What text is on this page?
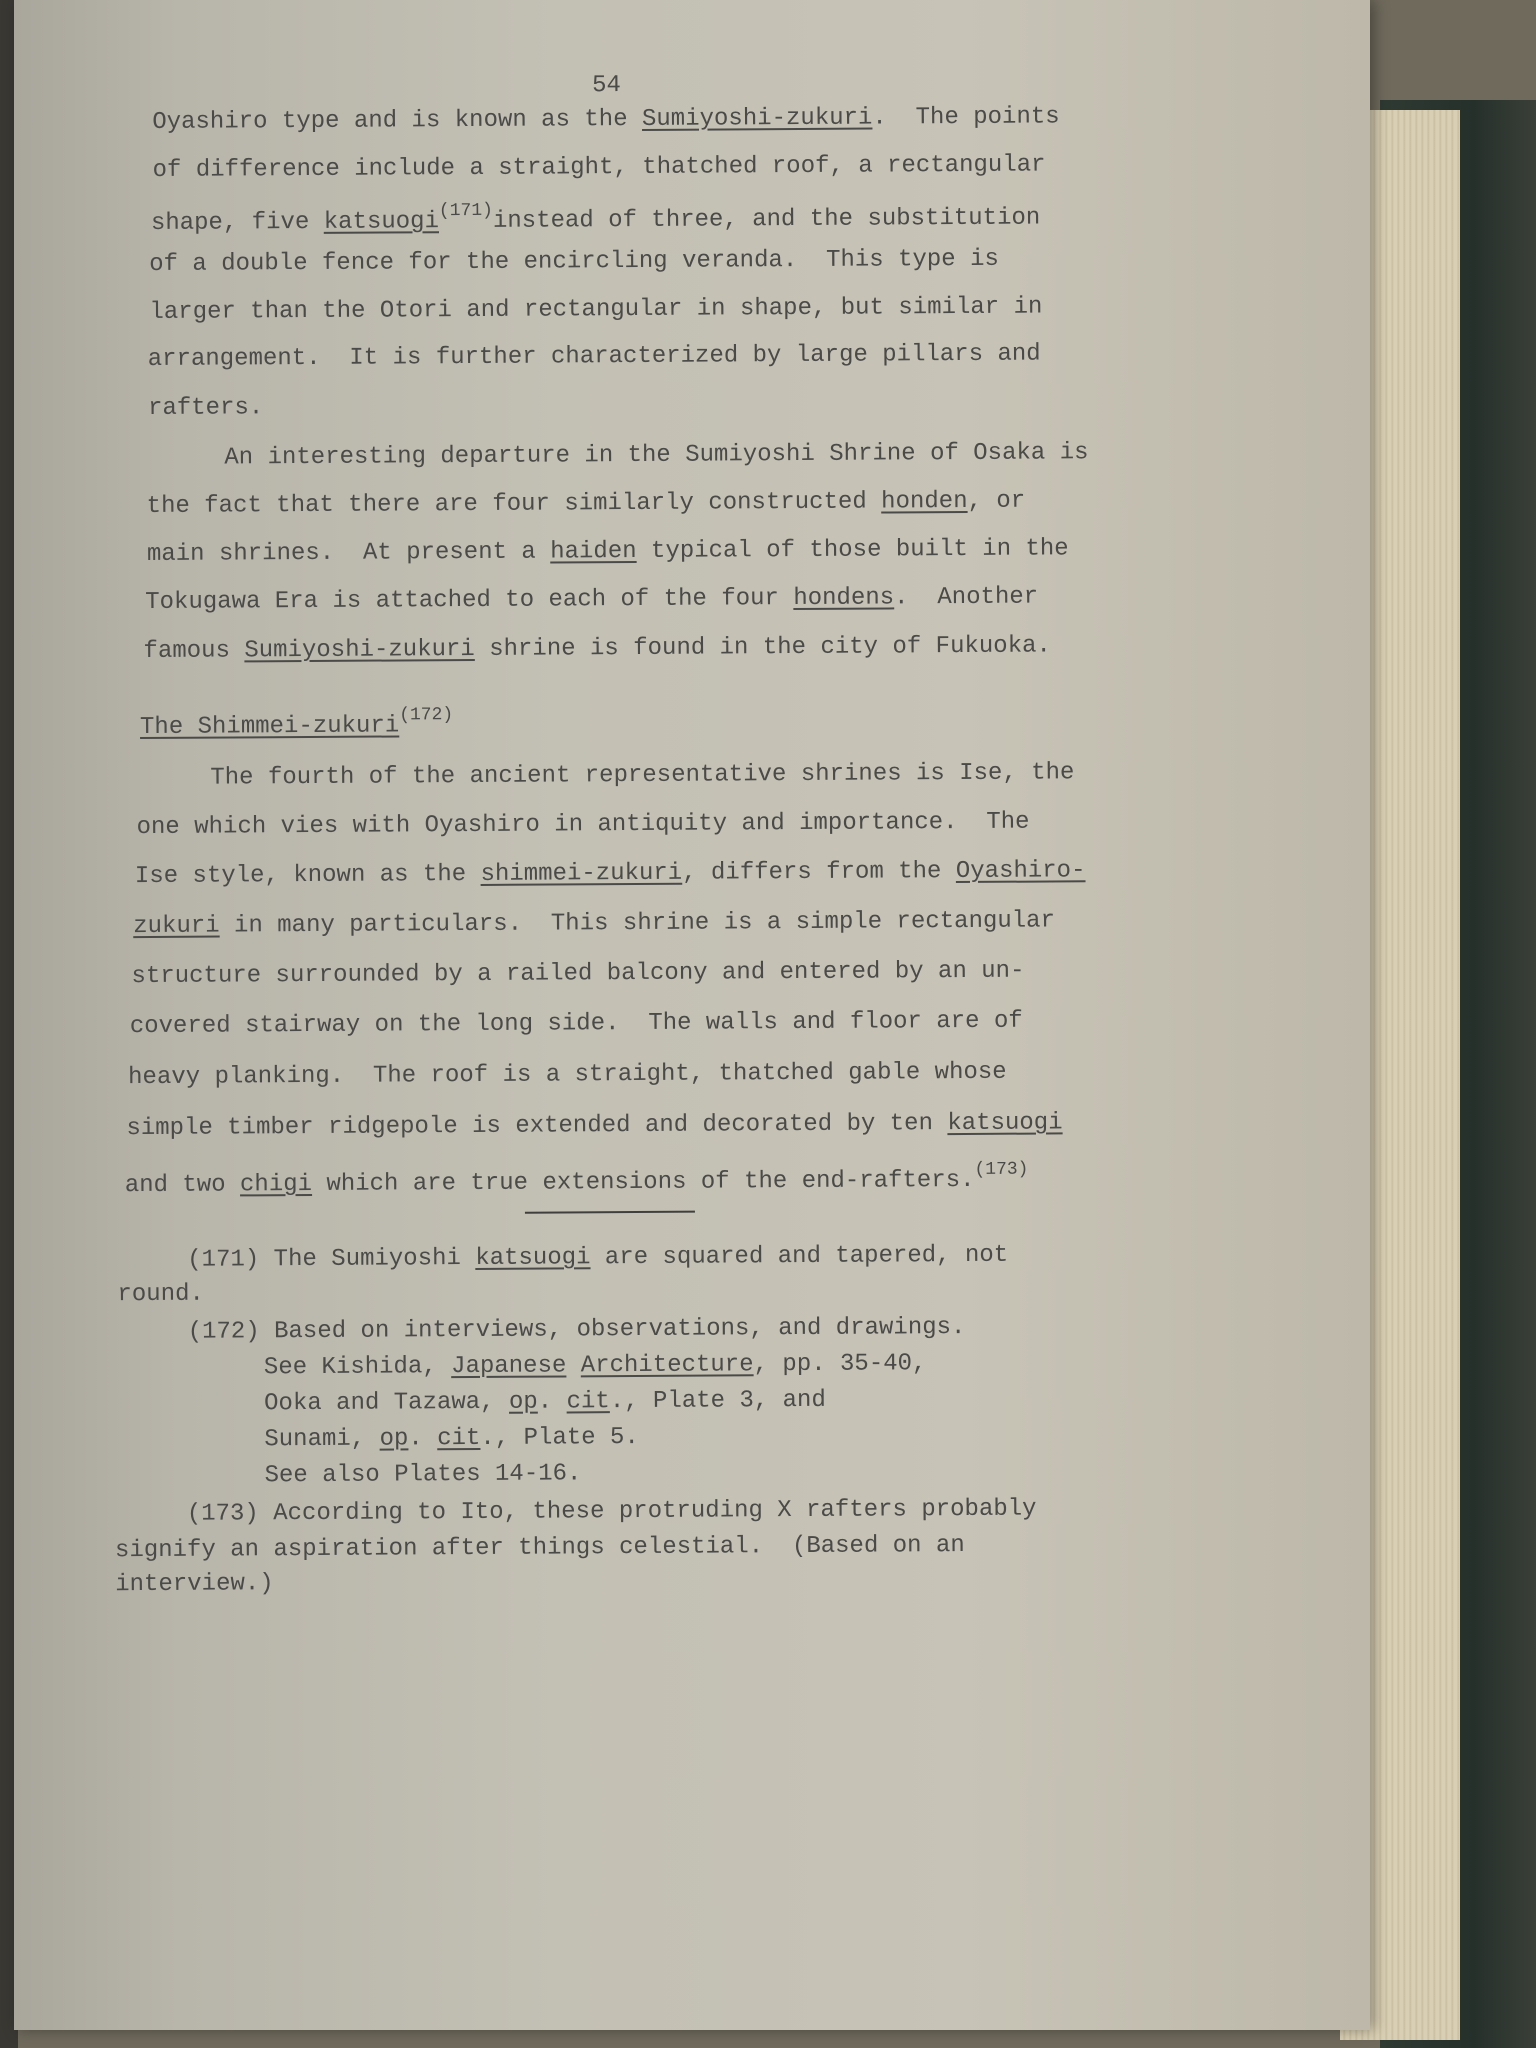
54
Oyashiro type and is known as the Sumiyoshi-zukuri.  The points
of difference include a straight, thatched roof, a rectangular
shape, five katsuogi$^{(171)}$instead of three, and the substitution
of a double fence for the encircling veranda.  This type is
larger than the Otori and rectangular in shape, but similar in
arrangement.  It is further characterized by large pillars and
rafters.
An interesting departure in the Sumiyoshi Shrine of Osaka is
the fact that there are four similarly constructed honden, or
main shrines.  At present a haiden typical of those built in the
Tokugawa Era is attached to each of the four hondens.  Another
famous Sumiyoshi-zukuri shrine is found in the city of Fukuoka.
The Shimmei-zukuri$^{(172)}$
The fourth of the ancient representative shrines is Ise, the
one which vies with Oyashiro in antiquity and importance.  The
Ise style, known as the shimmei-zukuri, differs from the Oyashiro-
zukuri in many particulars.  This shrine is a simple rectangular
structure surrounded by a railed balcony and entered by an un-
covered stairway on the long side.  The walls and floor are of
heavy planking.  The roof is a straight, thatched gable whose
simple timber ridgepole is extended and decorated by ten katsuogi
and two chigi which are true extensions of the end-rafters.$^{(173)}$
(171) The Sumiyoshi katsuogi are squared and tapered, not
round.
(172) Based on interviews, observations, and drawings.
See Kishida, Japanese Architecture, pp. 35-40,
Ooka and Tazawa, op. cit., Plate 3, and
Sunami, op. cit., Plate 5.
See also Plates 14-16.
(173) According to Ito, these protruding X rafters probably
signify an aspiration after things celestial.  (Based on an
interview.)
